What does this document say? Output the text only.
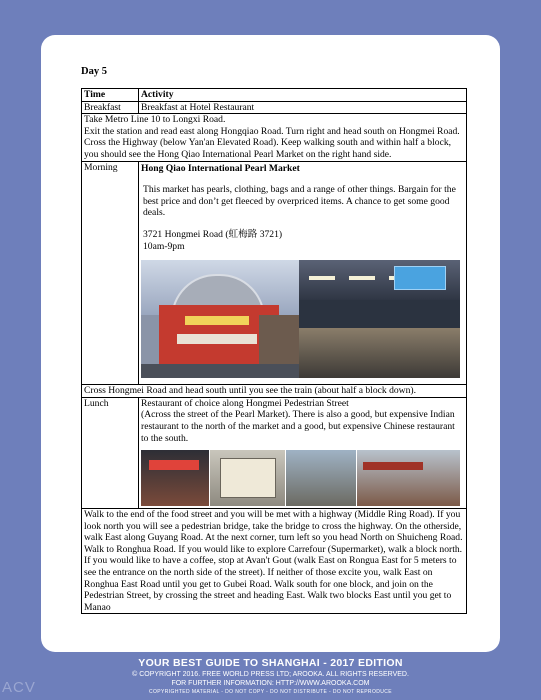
Day 5
Time	Activity
Breakfast	Breakfast at Hotel Restaurant

Take Metro Line 10 to Longxi Road.

Exit the station and read east along Hongqiao Road. Turn right and head south on Hongmei Road. Cross the Highway (below Yan'an Elevated Road). Keep walking south and within half a block, you should see the Hong Qiao International Pearl Market on the right hand side.	

Morning	Hong Qiao International Pearl Market

This market has pearls, clothing, bags and a range of other things. Bargain for the best price and don’t get fleeced by overpriced items. A chance to get some good deals.

3721 Hongmei Road (虹梅路 3721)

10am-9pm

Cross Hongmei Road and head south until you see the train (about half a block down).	
Lunch	Restaurant of choice along Hongmei Pedestrian Street

(Across the street of the Pearl Market). There is also a good, but expensive Indian restaurant to the north of the market and a good, but expensive Chinese restaurant to the south.

Walk to the end of the food street and you will be met with a highway (Middle Ring Road). If you look north you will see a pedestrian bridge, take the bridge to cross the highway. On the otherside, walk East along Guyang Road. At the next corner, turn left so you head North on Shuicheng Road. Walk to Ronghua Road. If you would like to explore Carrefour (Supermarket), walk a block north. If you would like to have a coffee, stop at Avan't Gout (walk East on Rongua East for 5 meters to see the entrance on the north side of the street). If neither of those excite you, walk East on Ronghua East Road until you get to Gubei Road. Walk south for one block, and join on the Pedestrian Street, by crossing the street and heading East. Walk two blocks East until you get to Manao	
YOUR BEST GUIDE TO SHANGHAI - 2017 EDITION
© COPYRIGHT 2016. FREE WORLD PRESS LTD; AROOKA. ALL RIGHTS RESERVED.
FOR FURTHER INFORMATION: HTTP://WWW.AROOKA.COM
COPYRIGHTED MATERIAL - DO NOT COPY - DO NOT DISTRIBUTE - DO NOT REPRODUCE
ACV
